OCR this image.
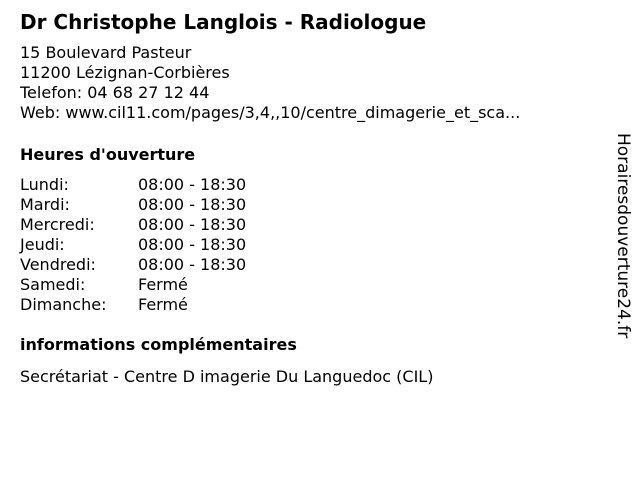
Dr Christophe Langlois - Radiologue
15 Boulevard Pasteur
11200 Lézignan-Corbières
Telefon: 04 68 27 12 44
Web: www.cil11.com/pages/3,4,,10/centre_dimagerie_et_sca...
Heures d'ouverture
Lundi:	08:00 - 18:30
Mardi:	08:00 - 18:30
Mercredi:	08:00 - 18:30
Jeudi:	08:00 - 18:30
Vendredi:	08:00 - 18:30
Samedi:	Fermé
Dimanche: Fermé
informations complémentaires
Secrétariat - Centre D imagerie Du Languedoc (CIL)
Horairesdouverture24.fr
